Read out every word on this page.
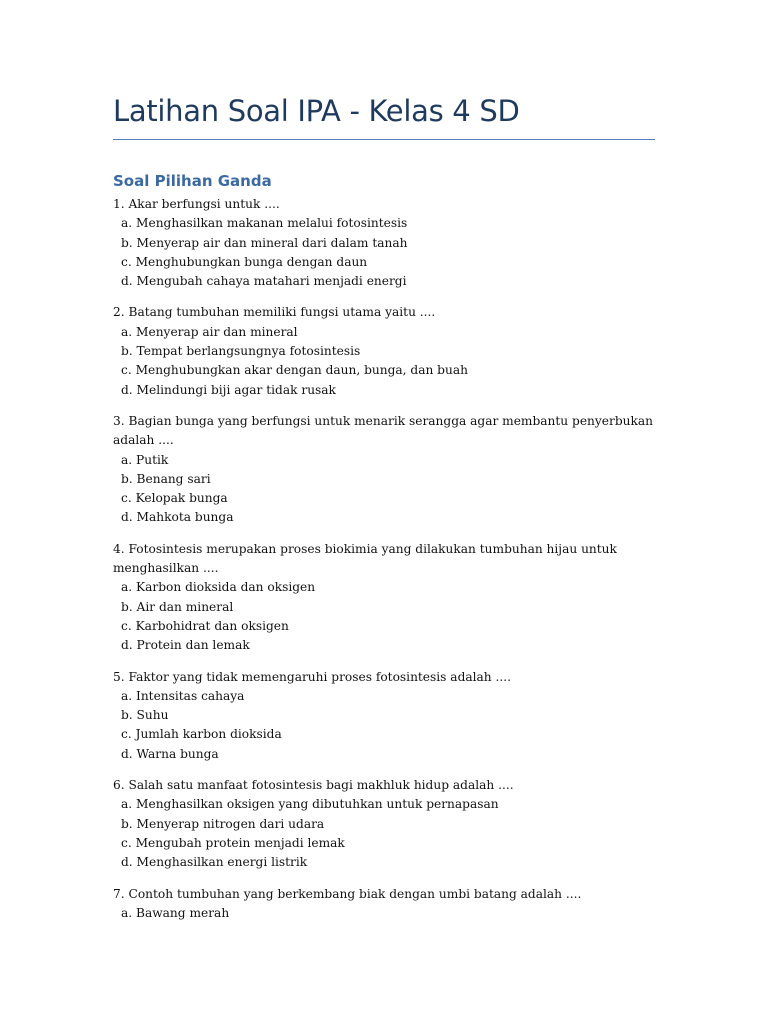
Latihan Soal IPA - Kelas 4 SD
Soal Pilihan Ganda
1. Akar berfungsi untuk ....
a. Menghasilkan makanan melalui fotosintesis
b. Menyerap air dan mineral dari dalam tanah
c. Menghubungkan bunga dengan daun
d. Mengubah cahaya matahari menjadi energi
2. Batang tumbuhan memiliki fungsi utama yaitu ....
a. Menyerap air dan mineral
b. Tempat berlangsungnya fotosintesis
c. Menghubungkan akar dengan daun, bunga, dan buah
d. Melindungi biji agar tidak rusak
3. Bagian bunga yang berfungsi untuk menarik serangga agar membantu penyerbukan adalah ....
a. Putik
b. Benang sari
c. Kelopak bunga
d. Mahkota bunga
4. Fotosintesis merupakan proses biokimia yang dilakukan tumbuhan hijau untuk menghasilkan ....
a. Karbon dioksida dan oksigen
b. Air dan mineral
c. Karbohidrat dan oksigen
d. Protein dan lemak
5. Faktor yang tidak memengaruhi proses fotosintesis adalah ....
a. Intensitas cahaya
b. Suhu
c. Jumlah karbon dioksida
d. Warna bunga
6. Salah satu manfaat fotosintesis bagi makhluk hidup adalah ....
a. Menghasilkan oksigen yang dibutuhkan untuk pernapasan
b. Menyerap nitrogen dari udara
c. Mengubah protein menjadi lemak
d. Menghasilkan energi listrik
7. Contoh tumbuhan yang berkembang biak dengan umbi batang adalah ....
a. Bawang merah
